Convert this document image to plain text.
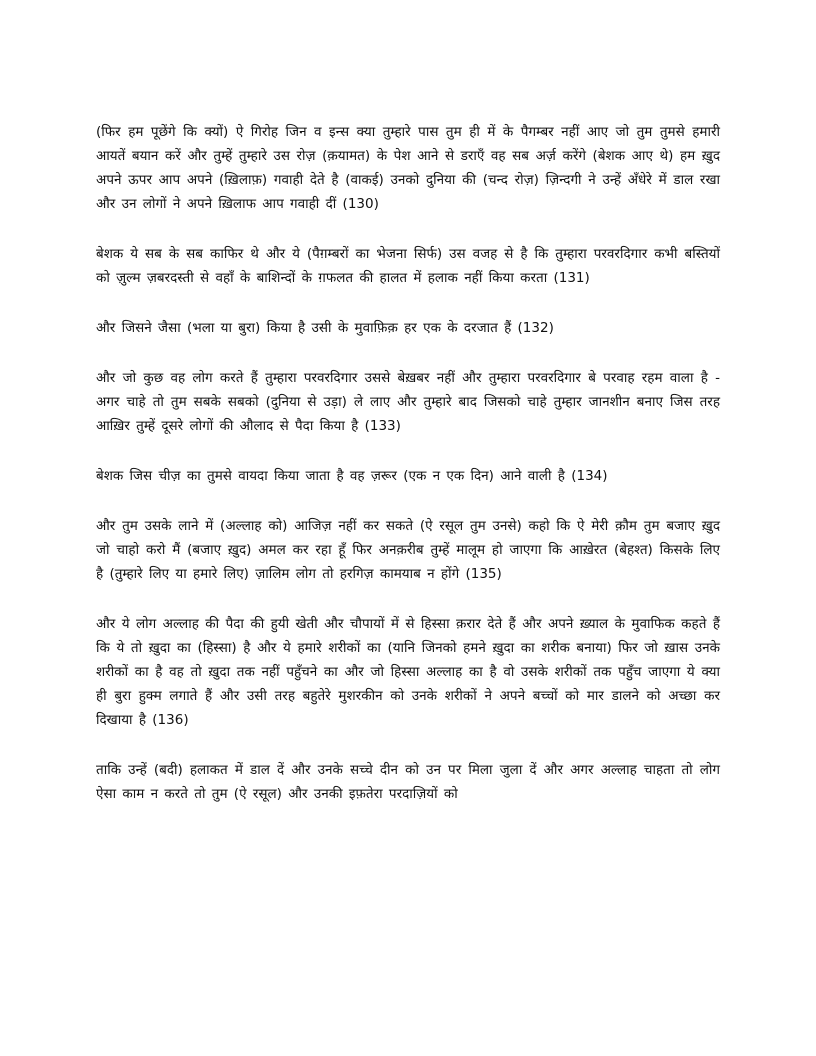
(फिर हम पूछेंगे कि क्यों) ऐ गिरोह जिन व इन्स क्या तुम्हारे पास तुम ही में के पैगम्बर नहीं आए जो तुम तुमसे हमारी आयतें बयान करें और तुम्हें तुम्हारे उस रोज़ (क़यामत) के पेश आने से डराएँ वह सब अर्ज़ करेंगे (बेशक आए थे) हम ख़ुद अपने ऊपर आप अपने (ख़िलाफ़) गवाही देते है (वाकई) उनको दुनिया की (चन्द रोज़) ज़िन्दगी ने उन्हें अँधेरे में डाल रखा और उन लोगों ने अपने ख़िलाफ आप गवाही दीं (130)

बेशक ये सब के सब काफिर थे और ये (पैग़म्बरों का भेजना सिर्फ) उस वजह से है कि तुम्हारा परवरदिगार कभी बस्तियों को ज़ुल्म ज़बरदस्ती से वहाँ के बाशिन्दों के ग़फलत की हालत में हलाक नहीं किया करता (131)

और जिसने जैसा (भला या बुरा) किया है उसी के मुवाफ़िक़ हर एक के दरजात हैं (132)

और जो कुछ वह लोग करते हैं तुम्हारा परवरदिगार उससे बेख़बर नहीं और तुम्हारा परवरदिगार बे परवाह रहम वाला है - अगर चाहे तो तुम सबके सबको (दुनिया से उड़ा) ले लाए और तुम्हारे बाद जिसको चाहे तुम्हार जानशीन बनाए जिस तरह आख़िर तुम्हें दूसरे लोगों की औलाद से पैदा किया है (133)

बेशक जिस चीज़ का तुमसे वायदा किया जाता है वह ज़रूर (एक न एक दिन) आने वाली है (134)

और तुम उसके लाने में (अल्लाह को) आजिज़ नहीं कर सकते (ऐ रसूल तुम उनसे) कहो कि ऐ मेरी क़ौम तुम बजाए ख़ुद जो चाहो करो मैं (बजाए ख़ुद) अमल कर रहा हूँ फिर अनक़रीब तुम्हें मालूम हो जाएगा कि आख़ेरत (बेहश्त) किसके लिए है (तुम्हारे लिए या हमारे लिए) ज़ालिम लोग तो हरगिज़ कामयाब न होंगे (135)

और ये लोग अल्लाह की पैदा की हुयी खेती और चौपायों में से हिस्सा क़रार देते हैं और अपने ख़्याल के मुवाफिक कहते हैं कि ये तो ख़ुदा का (हिस्सा) है और ये हमारे शरीकों का (यानि जिनको हमने ख़ुदा का शरीक बनाया) फिर जो ख़ास उनके शरीकों का है वह तो ख़ुदा तक नहीं पहुँचने का और जो हिस्सा अल्लाह का है वो उसके शरीकों तक पहुँच जाएगा ये क्या ही बुरा हुक्म लगाते हैं और उसी तरह बहुतेरे मुशरकीन को उनके शरीकों ने अपने बच्चों को मार डालने को अच्छा कर दिखाया है (136)

ताकि उन्हें (बदी) हलाकत में डाल दें और उनके सच्चे दीन को उन पर मिला जुला दें और अगर अल्लाह चाहता तो लोग ऐसा काम न करते तो तुम (ऐ रसूल) और उनकी इफ़तेरा परदाज़ियों को
